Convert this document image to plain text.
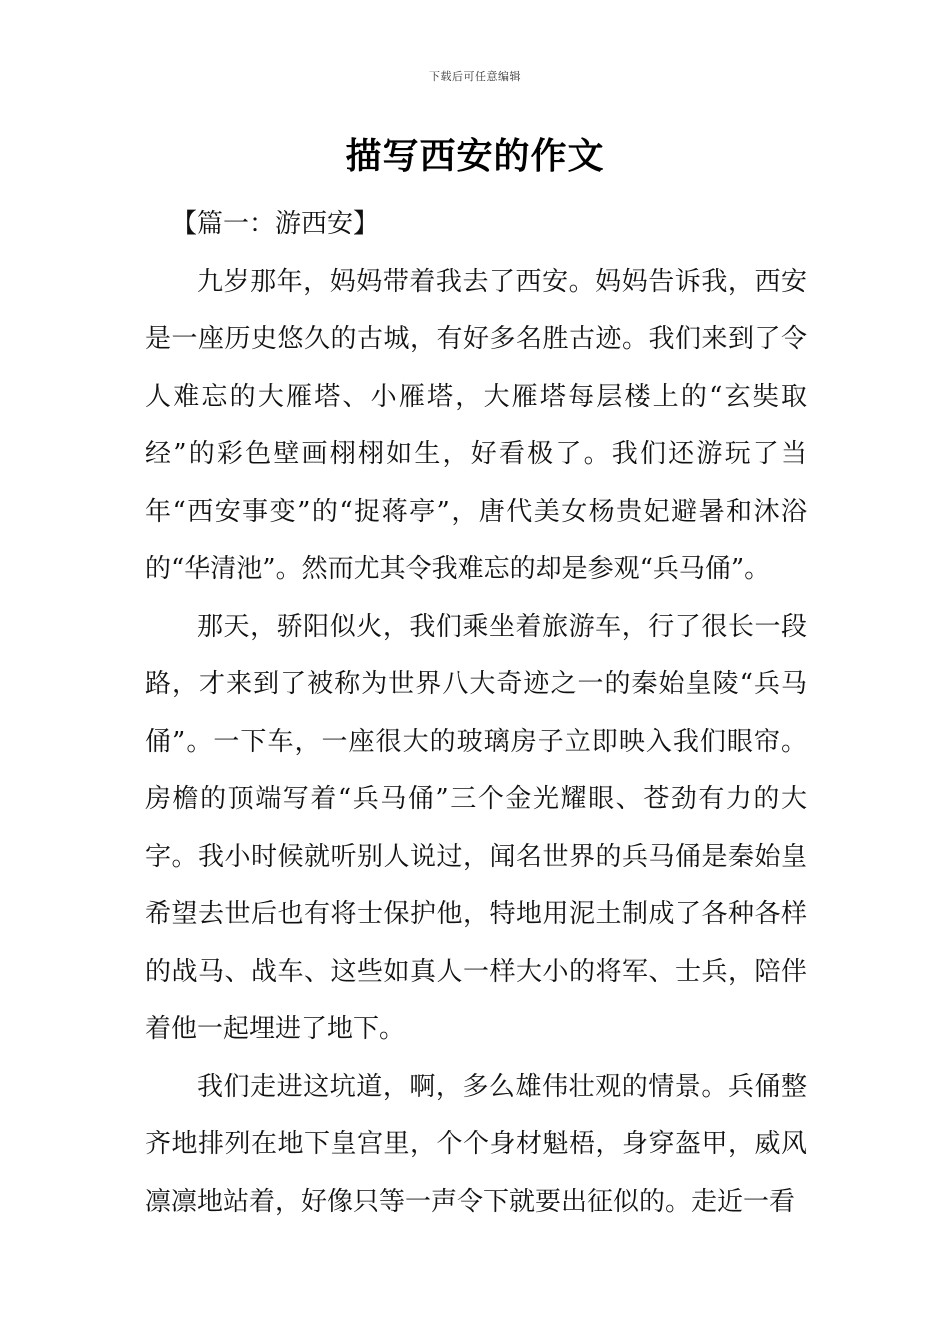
下载后可任意编辑
描写西安的作文

【篇一：游西安】

九岁那年，妈妈带着我去了西安。妈妈告诉我，西安是一座历史悠久的古城，有好多名胜古迹。我们来到了令人难忘的大雁塔、小雁塔，大雁塔每层楼上的“玄奘取经”的彩色壁画栩栩如生，好看极了。我们还游玩了当年“西安事变”的“捉蒋亭”，唐代美女杨贵妃避暑和沐浴的“华清池”。然而尤其令我难忘的却是参观“兵马俑”。

那天，骄阳似火，我们乘坐着旅游车，行了很长一段路，才来到了被称为世界八大奇迹之一的秦始皇陵“兵马俑”。一下车，一座很大的玻璃房子立即映入我们眼帘。房檐的顶端写着“兵马俑”三个金光耀眼、苍劲有力的大字。我小时候就听别人说过，闻名世界的兵马俑是秦始皇希望去世后也有将士保护他，特地用泥土制成了各种各样的战马、战车、这些如真人一样大小的将军、士兵，陪伴着他一起埋进了地下。

我们走进这坑道，啊，多么雄伟壮观的情景。兵俑整齐地排列在地下皇宫里，个个身材魁梧，身穿盔甲，威风凛凛地站着，好像只等一声令下就要出征似的。走近一看
